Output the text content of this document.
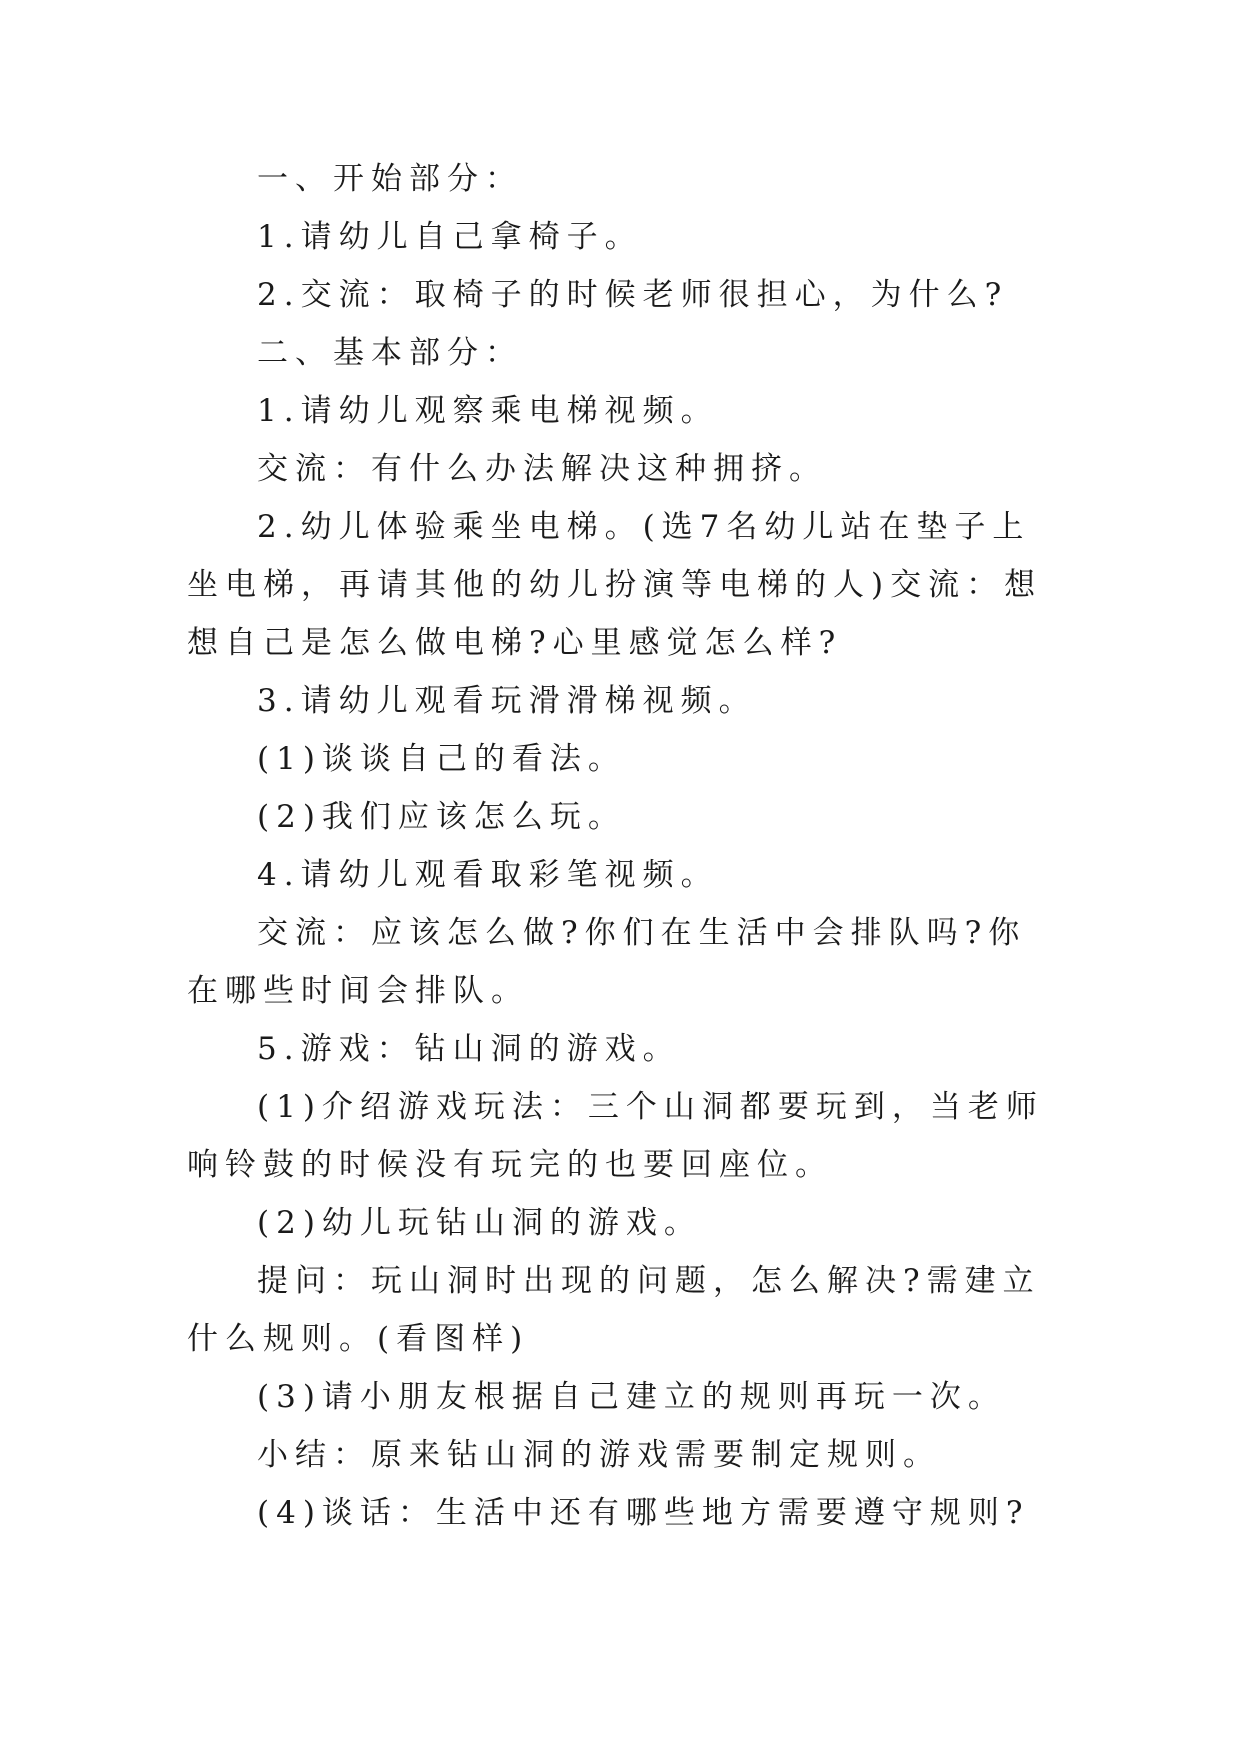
一、开始部分：

1.请幼儿自己拿椅子。

2.交流：取椅子的时候老师很担心，为什么?

二、基本部分：

1.请幼儿观察乘电梯视频。

交流：有什么办法解决这种拥挤。

2.幼儿体验乘坐电梯。(选7名幼儿站在垫子上坐电梯，再请其他的幼儿扮演等电梯的人)交流：想想自己是怎么做电梯?心里感觉怎么样?

3.请幼儿观看玩滑滑梯视频。

(1)谈谈自己的看法。

(2)我们应该怎么玩。

4.请幼儿观看取彩笔视频。

交流：应该怎么做?你们在生活中会排队吗?你在哪些时间会排队。

5.游戏：钻山洞的游戏。

(1)介绍游戏玩法：三个山洞都要玩到，当老师响铃鼓的时候没有玩完的也要回座位。

(2)幼儿玩钻山洞的游戏。

提问：玩山洞时出现的问题，怎么解决?需建立什么规则。(看图样)

(3)请小朋友根据自己建立的规则再玩一次。

小结：原来钻山洞的游戏需要制定规则。

(4)谈话：生活中还有哪些地方需要遵守规则?
